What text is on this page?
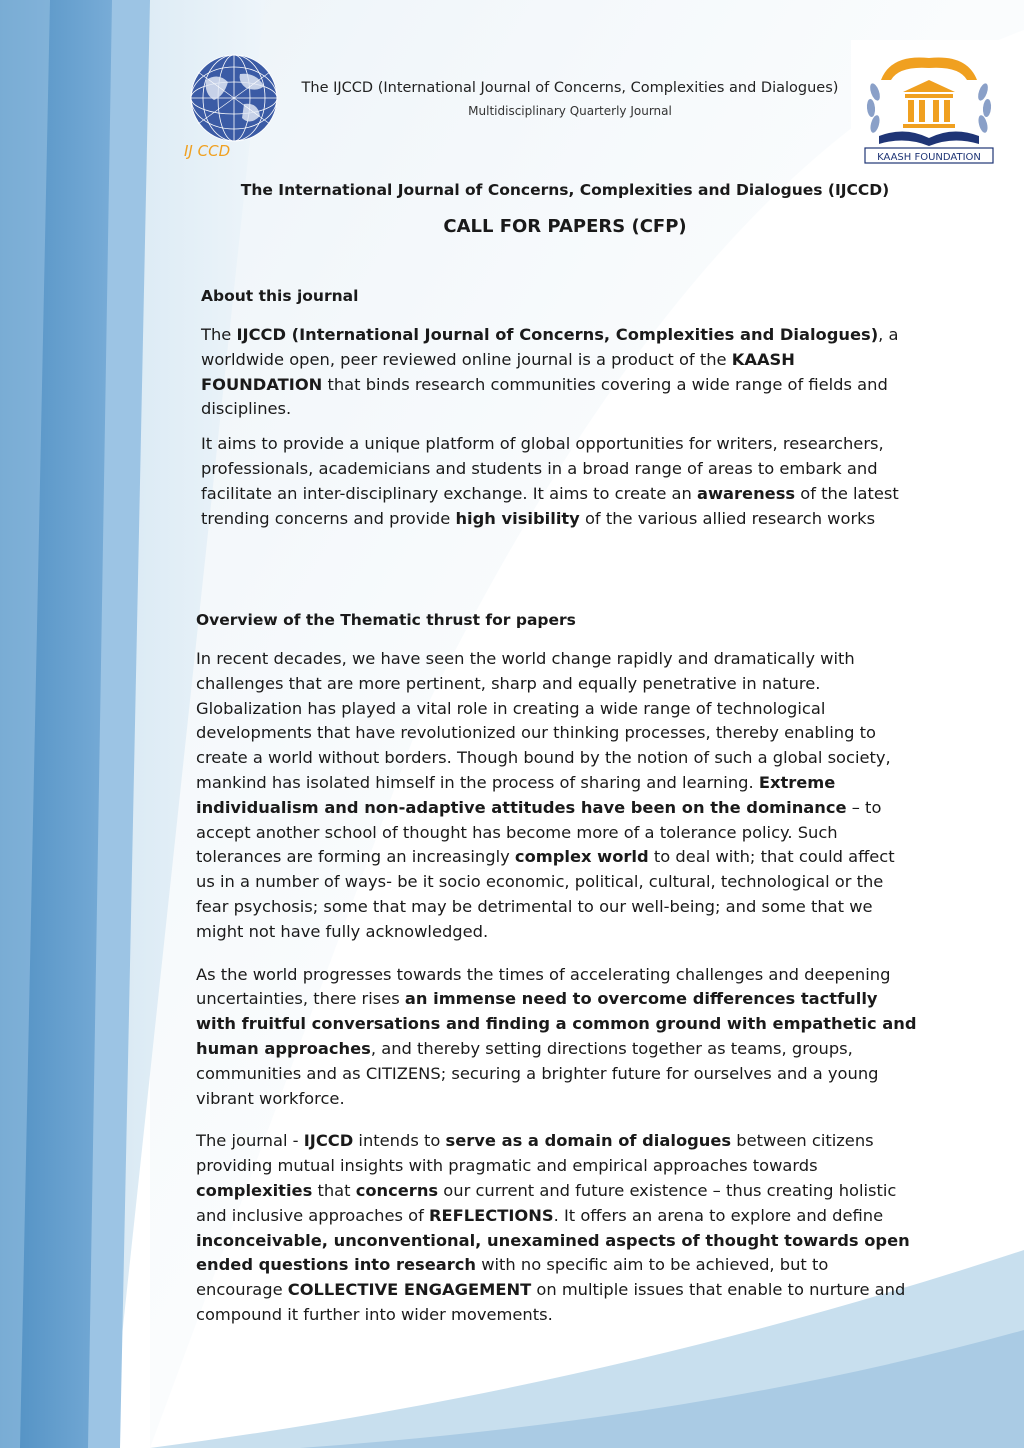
IJ CCD
The IJCCD (International Journal of Concerns, Complexities and Dialogues)
Multidisciplinary Quarterly Journal
KAASH FOUNDATION
The International Journal of Concerns, Complexities and Dialogues (IJCCD)
CALL FOR PAPERS (CFP)
About this journal

The IJCCD (International Journal of Concerns, Complexities and Dialogues), a worldwide open, peer reviewed online journal is a product of the KAASH FOUNDATION that binds research communities covering a wide range of fields and disciplines.

It aims to provide a unique platform of global opportunities for writers, researchers, professionals, academicians and students in a broad range of areas to embark and facilitate an inter-disciplinary exchange. It aims to create an awareness of the latest trending concerns and provide high visibility of the various allied research works

Overview of the Thematic thrust for papers

In recent decades, we have seen the world change rapidly and dramatically with challenges that are more pertinent, sharp and equally penetrative in nature. Globalization has played a vital role in creating a wide range of technological developments that have revolutionized our thinking processes, thereby enabling to create a world without borders. Though bound by the notion of such a global society, mankind has isolated himself in the process of sharing and learning. Extreme individualism and non-adaptive attitudes have been on the dominance – to accept another school of thought has become more of a tolerance policy. Such tolerances are forming an increasingly complex world to deal with; that could affect us in a number of ways- be it socio economic, political, cultural, technological or the fear psychosis; some that may be detrimental to our well-being; and some that we might not have fully acknowledged.

As the world progresses towards the times of accelerating challenges and deepening uncertainties, there rises an immense need to overcome differences tactfully with fruitful conversations and finding a common ground with empathetic and human approaches, and thereby setting directions together as teams, groups, communities and as CITIZENS; securing a brighter future for ourselves and a young vibrant workforce.

The journal - IJCCD intends to serve as a domain of dialogues between citizens providing mutual insights with pragmatic and empirical approaches towards complexities that concerns our current and future existence – thus creating holistic and inclusive approaches of REFLECTIONS. It offers an arena to explore and define inconceivable, unconventional, unexamined aspects of thought towards open ended questions into research with no specific aim to be achieved, but to encourage COLLECTIVE ENGAGEMENT on multiple issues that enable to nurture and compound it further into wider movements.
